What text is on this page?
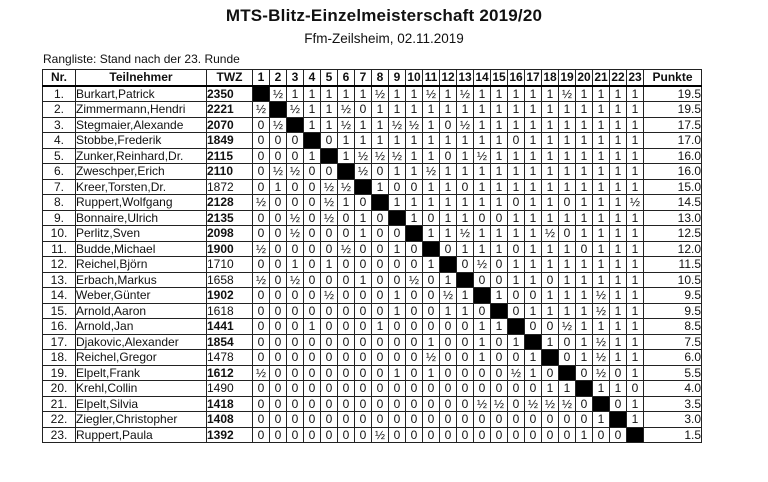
MTS-Blitz-Einzelmeisterschaft 2019/20
Ffm-Zeilsheim, 02.11.2019
Rangliste: Stand nach der 23. Runde
Nr.	Teilnehmer	TWZ	1	2	3	4	5	6	7	8	9	10	11	12	13	14	15	16	17	18	19	20	21	22	23	Punkte
1.	Burkart,Patrick	2350		½	1	1	1	1	1	½	1	1	½	1	½	1	1	1	1	1	½	1	1	1	1	19.5
2.	Zimmermann,Hendri	2221	½		½	1	1	½	0	1	1	1	1	1	1	1	1	1	1	1	1	1	1	1	1	19.5
3.	Stegmaier,Alexande	2070	0	½		1	1	½	1	1	½	½	1	0	½	1	1	1	1	1	1	1	1	1	1	17.5
4.	Stobbe,Frederik	1849	0	0	0		0	1	1	1	1	1	1	1	1	1	1	0	1	1	1	1	1	1	1	17.0
5.	Zunker,Reinhard,Dr.	2115	0	0	0	1		1	½	½	½	1	1	0	1	½	1	1	1	1	1	1	1	1	1	16.0
6.	Zweschper,Erich	2110	0	½	½	0	0		½	0	1	1	½	1	1	1	1	1	1	1	1	1	1	1	1	16.0
7.	Kreer,Torsten,Dr.	1872	0	1	0	0	½	½		1	0	0	1	1	0	1	1	1	1	1	1	1	1	1	1	15.0
8.	Ruppert,Wolfgang	2128	½	0	0	0	½	1	0		1	1	1	1	1	1	1	0	1	1	0	1	1	1	½	14.5
9.	Bonnaire,Ulrich	2135	0	0	½	0	½	0	1	0		1	0	1	1	0	0	1	1	1	1	1	1	1	1	13.0
10.	Perlitz,Sven	2098	0	0	½	0	0	0	1	0	0		1	1	½	1	1	1	1	½	0	1	1	1	1	12.5
11.	Budde,Michael	1900	½	0	0	0	0	½	0	0	1	0		0	1	1	1	0	1	1	1	0	1	1	1	12.0
12.	Reichel,Björn	1710	0	0	1	0	1	0	0	0	0	0	1		0	½	0	1	1	1	1	1	1	1	1	11.5
13.	Erbach,Markus	1658	½	0	½	0	0	0	1	0	0	½	0	1		0	0	1	1	0	1	1	1	1	1	10.5
14.	Weber,Günter	1902	0	0	0	0	½	0	0	0	1	0	0	½	1		1	0	0	1	1	1	½	1	1	9.5
15.	Arnold,Aaron	1618	0	0	0	0	0	0	0	0	1	0	0	1	1	0		0	1	1	1	1	½	1	1	9.5
16.	Arnold,Jan	1441	0	0	0	1	0	0	0	1	0	0	0	0	0	1	1		0	0	½	1	1	1	1	8.5
17.	Djakovic,Alexander	1854	0	0	0	0	0	0	0	0	0	0	1	0	0	1	0	1		1	0	1	½	1	1	7.5
18.	Reichel,Gregor	1478	0	0	0	0	0	0	0	0	0	0	½	0	0	1	0	0	1		0	1	½	1	1	6.0
19.	Elpelt,Frank	1612	½	0	0	0	0	0	0	0	1	0	1	0	0	0	0	½	1	0		0	½	0	1	5.5
20.	Krehl,Collin	1490	0	0	0	0	0	0	0	0	0	0	0	0	0	0	0	0	0	1	1		1	1	0	4.0
21.	Elpelt,Silvia	1418	0	0	0	0	0	0	0	0	0	0	0	0	0	½	½	0	½	½	½	0		0	1	3.5
22.	Ziegler,Christopher	1408	0	0	0	0	0	0	0	0	0	0	0	0	0	0	0	0	0	0	0	0	1		1	3.0
23.	Ruppert,Paula	1392	0	0	0	0	0	0	0	½	0	0	0	0	0	0	0	0	0	0	0	1	0	0		1.5
